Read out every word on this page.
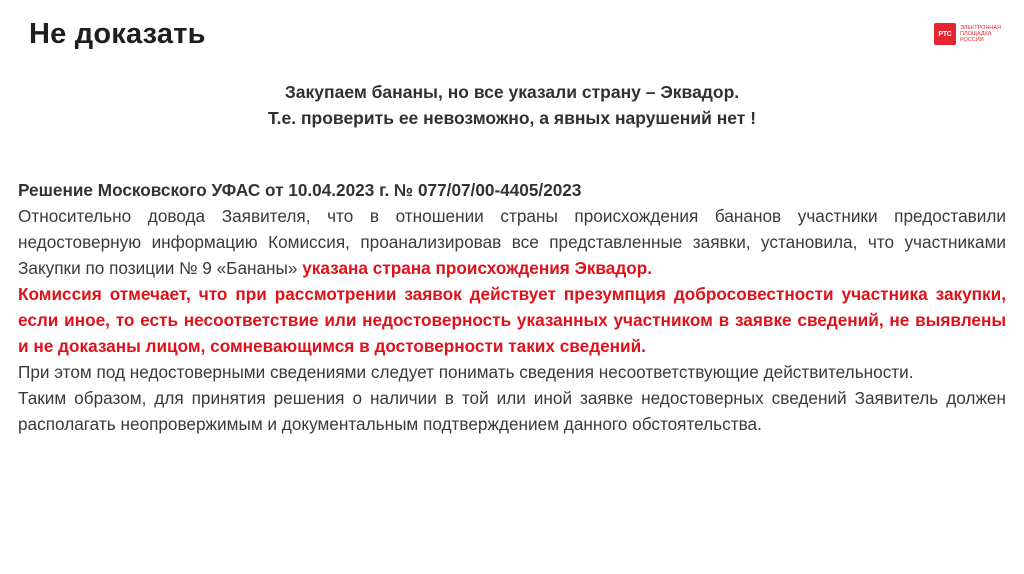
Не доказать	РТС
ЭЛЕКТРОННАЯ
ПЛОЩАДКА
РОССИИ
Закупаем бананы, но все указали страну – Эквадор.
Т.е. проверить ее невозможно, а явных нарушений нет !

Решение Московского УФАС от 10.04.2023 г. № 077/07/00-4405/2023

Относительно довода Заявителя, что в отношении страны происхождения бананов участники предоставили недостоверную информацию Комиссия, проанализировав все представленные заявки, установила, что участниками Закупки по позиции № 9 «Бананы» указана страна происхождения Эквадор.

Комиссия отмечает, что при рассмотрении заявок действует презумпция добросовестности участника закупки, если иное, то есть несоответствие или недостоверность указанных участником в заявке сведений, не выявлены и не доказаны лицом, сомневающимся в достоверности таких сведений.

При этом под недостоверными сведениями следует понимать сведения несоответствующие действительности.

Таким образом, для принятия решения о наличии в той или иной заявке недостоверных сведений Заявитель должен располагать неопровержимым и документальным подтверждением данного обстоятельства.
